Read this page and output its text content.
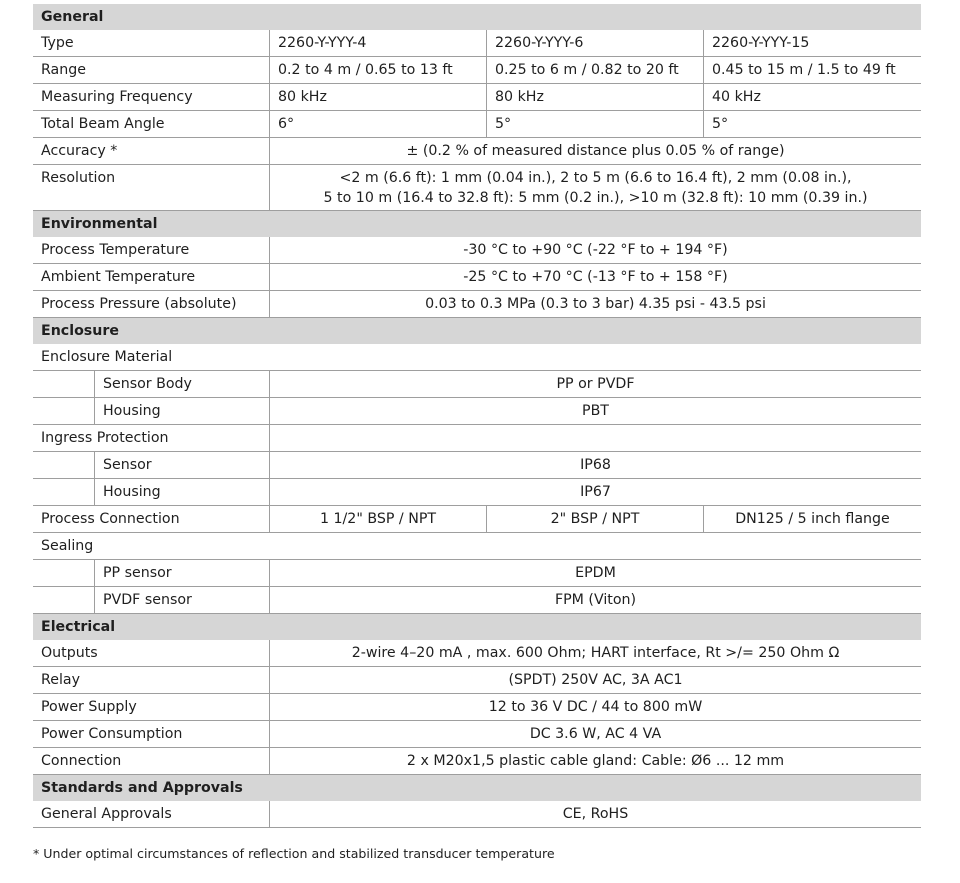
General
Type	2260-Y-YYY-4	2260-Y-YYY-6	2260-Y-YYY-15
Range	0.2 to 4 m / 0.65 to 13 ft	0.25 to 6 m / 0.82 to 20 ft	0.45 to 15 m / 1.5 to 49 ft
Measuring Frequency	80 kHz	80 kHz	40 kHz
Total Beam Angle	6°	5°	5°
Accuracy *	± (0.2 % of measured distance plus 0.05 % of range)
Resolution	<2 m (6.6 ft): 1 mm (0.04 in.), 2 to 5 m (6.6 to 16.4 ft), 2 mm (0.08 in.),
5 to 10 m (16.4 to 32.8 ft): 5 mm (0.2 in.), >10 m (32.8 ft): 10 mm (0.39 in.)
Environmental
Process Temperature	-30 °C to +90 °C (-22 °F to + 194 °F)
Ambient Temperature	-25 °C to +70 °C (-13 °F to + 158 °F)
Process Pressure (absolute)	0.03 to 0.3 MPa (0.3 to 3 bar) 4.35 psi - 43.5 psi
Enclosure
Enclosure Material
Sensor Body	PP or PVDF
Housing	PBT
Ingress Protection
Sensor	IP68
Housing	IP67
Process Connection	1 1/2" BSP / NPT	2" BSP / NPT	DN125 / 5 inch flange
Sealing
PP sensor	EPDM
PVDF sensor	FPM (Viton)
Electrical
Outputs	2-wire 4–20 mA , max. 600 Ohm; HART interface, Rt >/= 250 Ohm Ω
Relay	(SPDT) 250V AC, 3A AC1
Power Supply	12 to 36 V DC / 44 to 800 mW
Power Consumption	DC 3.6 W, AC 4 VA
Connection	2 x M20x1,5 plastic cable gland: Cable: Ø6 ... 12 mm
Standards and Approvals
General Approvals	CE, RoHS
* Under optimal circumstances of reflection and stabilized transducer temperature
